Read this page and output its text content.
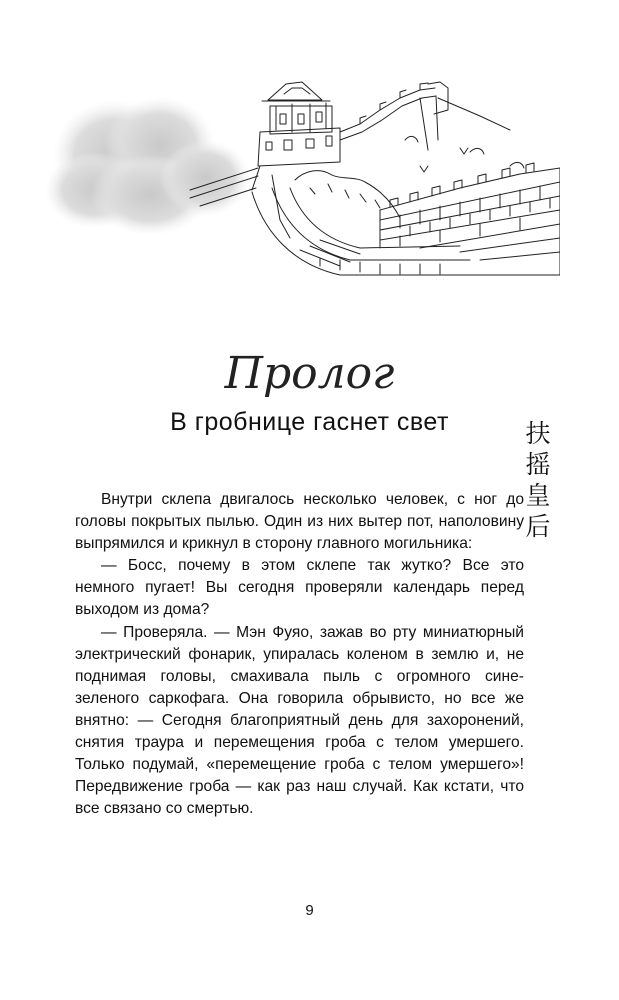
Пролог
В гробнице гаснет свет	扶
摇
皇
后

Внутри склепа двигалось несколько человек, с ног до головы покрытых пылью. Один из них вытер пот, наполовину выпрямился и крикнул в сторону главного могильника:

— Босс, почему в этом склепе так жутко? Все это немного пугает! Вы сегодня проверяли календарь перед выходом из дома?

— Проверяла. — Мэн Фуяо, зажав во рту миниатюрный электрический фонарик, упиралась коленом в землю и, не поднимая головы, смахивала пыль с огромного сине-зеленого саркофага. Она говорила обрывисто, но все же внятно: — Сегодня благоприятный день для захоронений, снятия траура и перемещения гроба с телом умершего. Только подумай, «перемещение гроба с телом умершего»! Передвижение гроба — как раз наш случай. Как кстати, что все связано со смертью.

9
